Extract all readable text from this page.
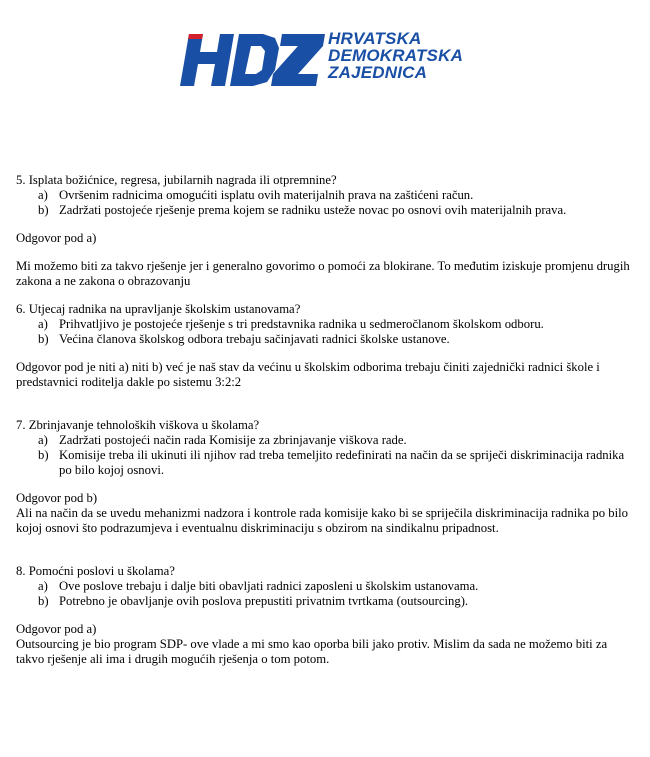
HRVATSKA
DEMOKRATSKA
ZAJEDNICA

5. Isplata božićnice, regresa, jubilarnih nagrada ili otpremnine?

a) Ovršenim radnicima omogućiti isplatu ovih materijalnih prava na zaštićeni račun.
b) Zadržati postojeće rješenje prema kojem se radniku usteže novac po osnovi ovih materijalnih prava.

Odgovor pod a)

Mi možemo biti za takvo rješenje jer i generalno govorimo o pomoći za blokirane. To međutim iziskuje promjenu drugih zakona a ne zakona o obrazovanju

6. Utjecaj radnika na upravljanje školskim ustanovama?

a) Prihvatljivo je postojeće rješenje s tri predstavnika radnika u sedmeročlanom školskom odboru.
b) Većina članova školskog odbora trebaju sačinjavati radnici školske ustanove.

Odgovor pod je niti a) niti b) već je naš stav da većinu u školskim odborima trebaju činiti zajednički radnici škole i predstavnici roditelja dakle po sistemu 3:2:2

7. Zbrinjavanje tehnoloških viškova u školama?

a) Zadržati postojeći način rada Komisije za zbrinjavanje viškova rade.
b) Komisije treba ili ukinuti ili njihov rad treba temeljito redefinirati na način da se spriječi diskriminacija radnika po bilo kojoj osnovi.

Odgovor pod b)

Ali na način da se uvedu mehanizmi nadzora i kontrole rada komisije kako bi se spriječila diskriminacija radnika po bilo kojoj osnovi što podrazumjeva i eventualnu diskriminaciju s obzirom na sindikalnu pripadnost.

8. Pomoćni poslovi u školama?

a) Ove poslove trebaju i dalje biti obavljati radnici zaposleni u školskim ustanovama.
b) Potrebno je obavljanje ovih poslova prepustiti privatnim tvrtkama (outsourcing).

Odgovor pod a)

Outsourcing je bio program SDP- ove vlade a mi smo kao oporba bili jako protiv. Mislim da sada ne možemo biti za takvo rješenje ali ima i drugih mogućih rješenja o tom potom.
